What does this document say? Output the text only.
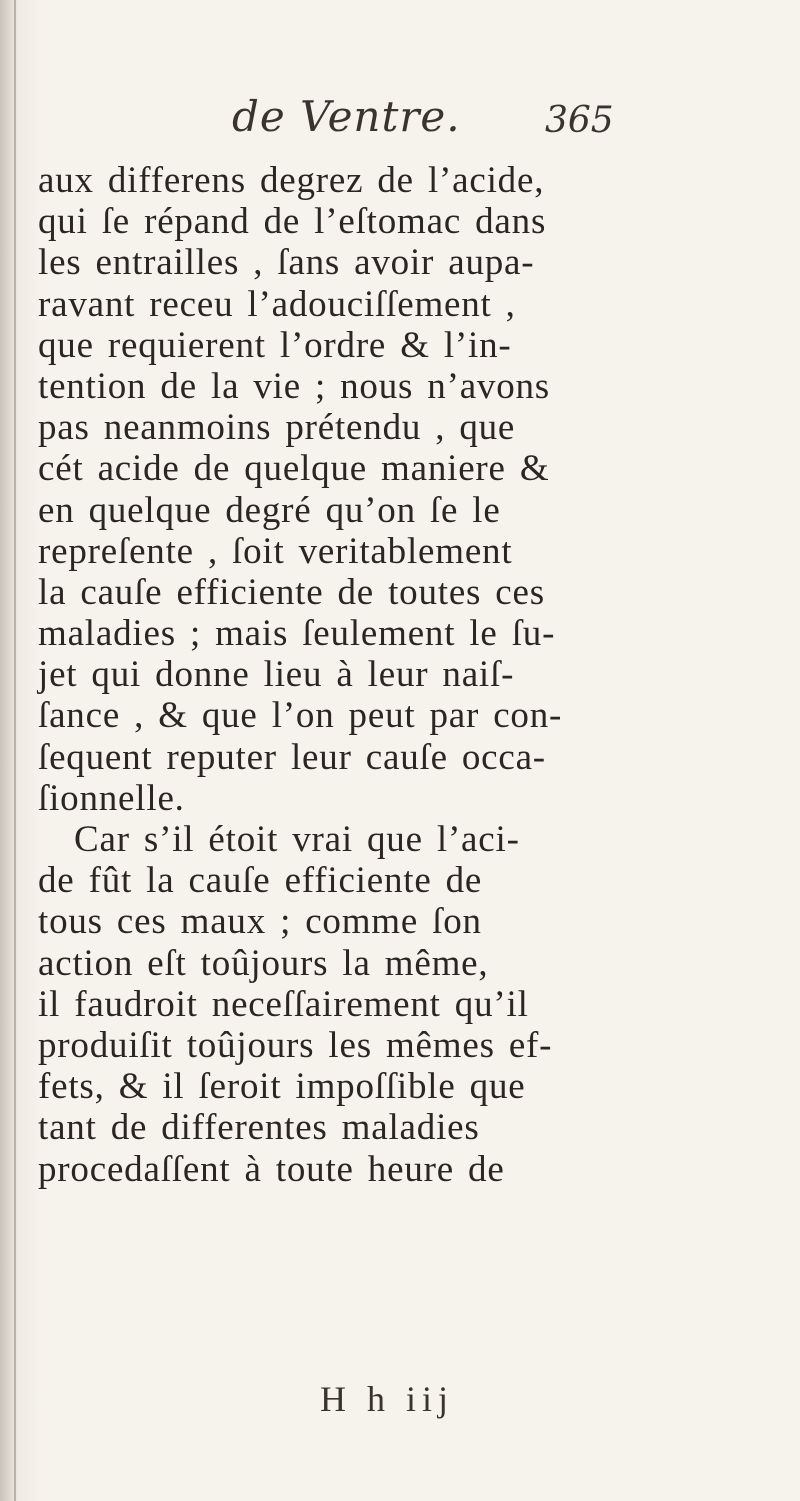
de Ventre. 365
aux differens degrez de l’acide,
qui ſe répand de l’eſtomac dans
les entrailles , ſans avoir aupa-
ravant receu l’adouciſſement ,
que requierent l’ordre & l’in-
tention de la vie ; nous n’avons
pas neanmoins prétendu , que
cét acide de quelque maniere &
en quelque degré qu’on ſe le
repreſente , ſoit veritablement
la cauſe efficiente de toutes ces
maladies ; mais ſeulement le ſu-
jet qui donne lieu à leur naiſ-
ſance , & que l’on peut par con-
ſequent reputer leur cauſe occa-
ſionnelle.
Car s’il étoit vrai que l’aci-
de fût la cauſe efficiente de
tous ces maux ; comme ſon
action eſt toûjours la même,
il faudroit neceſſairement qu’il
produiſit toûjours les mêmes ef-
fets, & il ſeroit impoſſible que
tant de differentes maladies
procedaſſent à toute heure de
H h iij
